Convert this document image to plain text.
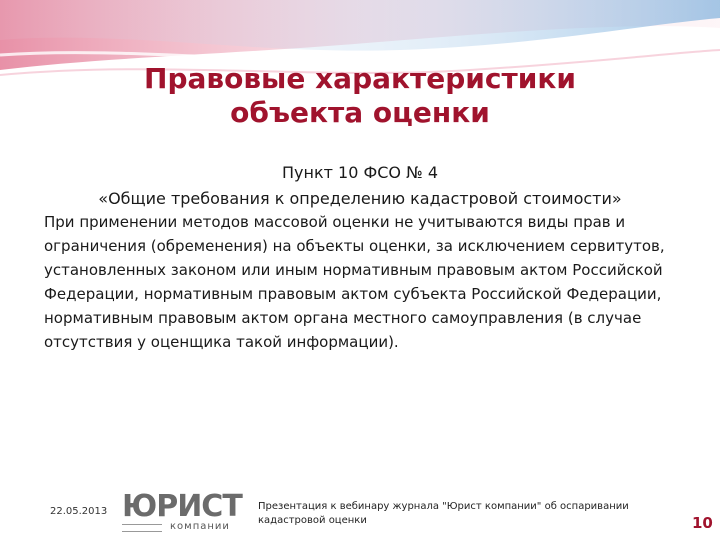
Правовые характеристики
объекта оценки
Пункт 10 ФСО № 4
«Общие требования к определению кадастровой стоимости»
При применении методов массовой оценки не учитываются виды прав и ограничения (обременения) на объекты оценки, за исключением сервитутов, установленных законом или иным нормативным правовым актом Российской Федерации, нормативным правовым актом субъекта Российской Федерации, нормативным правовым актом органа местного самоуправления (в случае отсутствия у оценщика такой информации).
22.05.2013 ЮРИСТ
компании
Презентация к вебинару журнала "Юрист компании" об оспаривании кадастровой оценки	10
